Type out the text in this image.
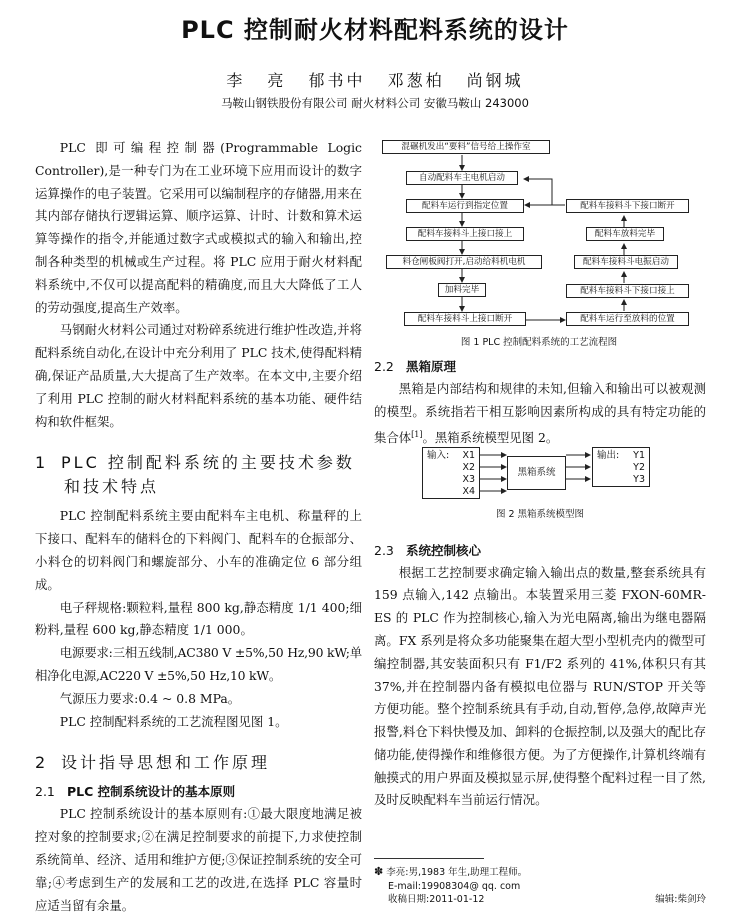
PLC 控制耐火材料配料系统的设计
李 亮 郁书中 邓葱柏 尚钢城
马鞍山钢铁股份有限公司 耐火材料公司 安徽马鞍山 243000

PLC 即可编程控制器(Programmable Logic Controller),是一种专门为在工业环境下应用而设计的数字运算操作的电子装置。它采用可以编制程序的存储器,用来在其内部存储执行逻辑运算、顺序运算、计时、计数和算术运算等操作的指令,并能通过数字式或模拟式的输入和输出,控制各种类型的机械或生产过程。将 PLC 应用于耐火材料配料系统中,不仅可以提高配料的精确度,而且大大降低了工人的劳动强度,提高生产效率。

马钢耐火材料公司通过对粉碎系统进行维护性改造,并将配料系统自动化,在设计中充分利用了 PLC 技术,使得配料精确,保证产品质量,大大提高了生产效率。在本文中,主要介绍了利用 PLC 控制的耐火材料配料系统的基本功能、硬件结构和软件框架。

1 PLC 控制配料系统的主要技术参数
和技术特点

PLC 控制配料系统主要由配料车主电机、称量秤的上下接口、配料车的储料仓的下料阀门、配料车的仓振部分、小料仓的切料阀门和螺旋部分、小车的准确定位 6 部分组成。

电子秤规格:颗粒料,量程 800 kg,静态精度 1/1 400;细粉料,量程 600 kg,静态精度 1/1 000。

电源要求:三相五线制,AC380 V ±5%,50 Hz,90 kW;单相净化电源,AC220 V ±5%,50 Hz,10 kW。

气源压力要求:0.4 ~ 0.8 MPa。

PLC 控制配料系统的工艺流程图见图 1。

2 设计指导思想和工作原理
2.1 PLC 控制系统设计的基本原则

PLC 控制系统设计的基本原则有:①最大限度地满足被控对象的控制要求;②在满足控制要求的前提下,力求使控制系统简单、经济、适用和维护方便;③保证控制系统的安全可靠;④考虑到生产的发展和工艺的改进,在选择 PLC 容量时应适当留有余量。

混碾机发出“要料”信号给上操作室
自动配料车主电机启动
配料车运行到指定位置
配料车接料斗上接口接上
料仓闸板阀打开,启动给料机电机
加料完毕
配料车接料斗上接口断开
配料车接料斗下接口断开
配料车放料完毕
配料车接料斗电振启动
配料车接料斗下接口接上
配料车运行至放料的位置
图 1 PLC 控制配料系统的工艺流程图
2.2 黑箱原理

黑箱是内部结构和规律的未知,但输入和输出可以被观测的模型。系统指若干相互影响因素所构成的具有特定功能的集合体[1]。黑箱系统模型见图 2。

2.3 系统控制核心

根据工艺控制要求确定输入输出点的数量,整套系统具有 159 点输入,142 点输出。本装置采用三菱 FXON-60MR-ES 的 PLC 作为控制核心,输入为光电隔离,输出为继电器隔离。FX 系列是将众多功能聚集在超大型小型机壳内的微型可编控制器,其安装面积只有 F1/F2 系列的 41%,体积只有其 37%,并在控制器内备有模拟电位器与 RUN/STOP 开关等方便功能。整个控制系统具有手动,自动,暂停,急停,故障声光报警,料仓下料快慢及加、卸料的仓振控制,以及强大的配比存储功能,使得操作和维修很方便。为了方便操作,计算机终端有触摸式的用户界面及模拟显示屏,使得整个配料过程一目了然,及时反映配料车当前运行情况。

输入: X1
X2
X3
X4
黑箱系统
输出: Y1
Y2
Y3
图 2 黑箱系统模型图
✽ 李亮:男,1983 年生,助理工程师。
E-mail:19908304@ qq. com
收稿日期:2011-01-12	编辑:柴剑玲
